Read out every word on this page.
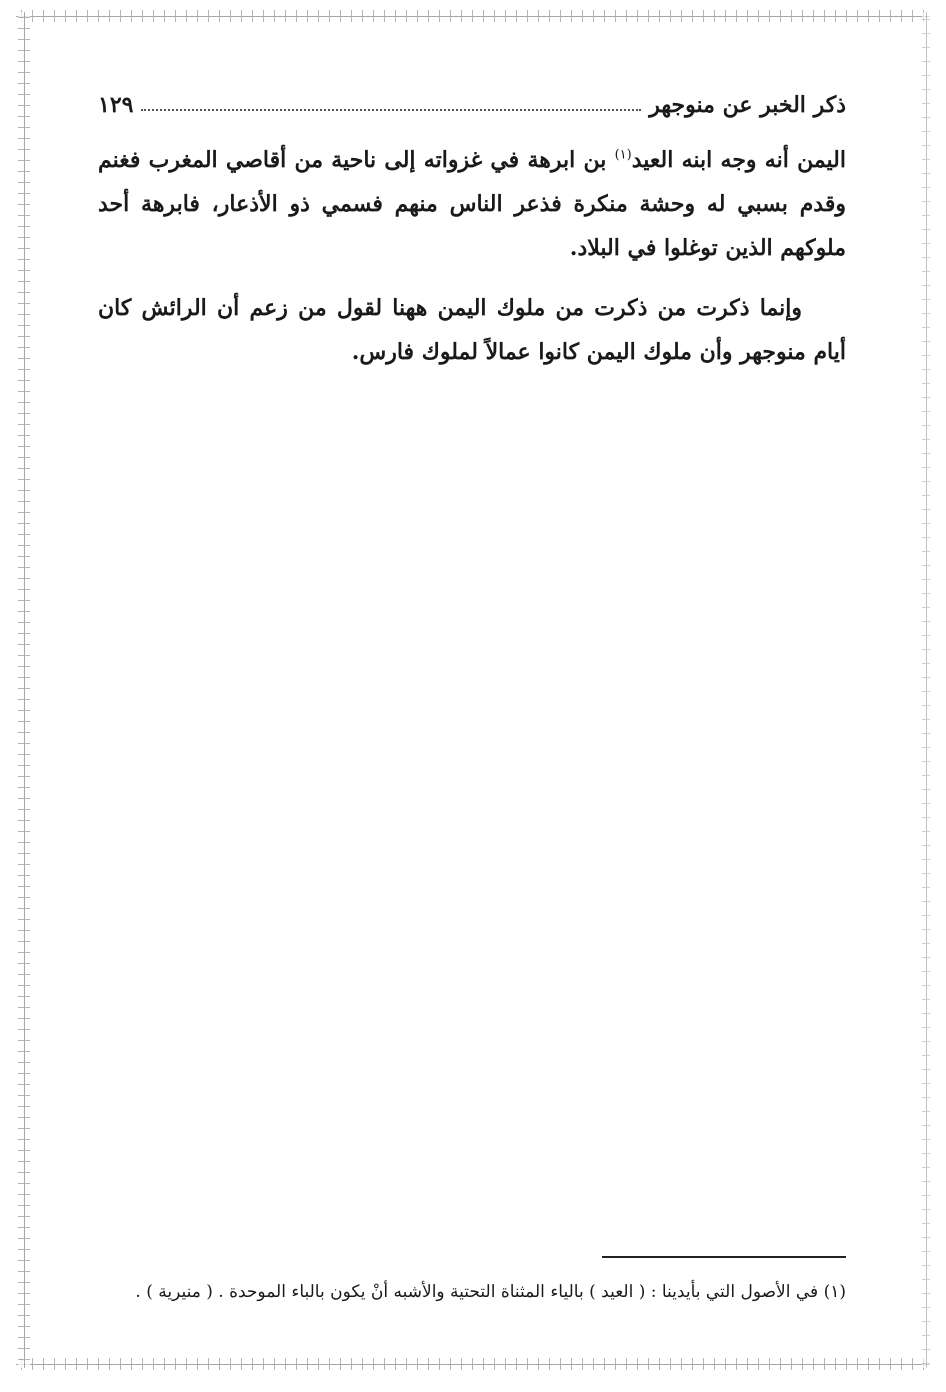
ذكر الخبر عن منوجهر
١٢٩

اليمن أنه وجه ابنه العيد$^{(١)}$ بن ابرهة في غزواته إلى ناحية من أقاصي المغرب فغنم وقدم بسبي له وحشة منكرة فذعر الناس منهم فسمي ذو الأذعار، فابرهة أحد ملوكهم الذين توغلوا في البلاد.

وإنما ذكرت من ذكرت من ملوك اليمن ههنا لقول من زعم أن الرائش كان أيام منوجهر وأن ملوك اليمن كانوا عمالاً لملوك فارس.

(١) في الأصول التي بأيدينا : ( العيد ) بالياء المثناة التحتية والأشبه أنْ يكون بالباء الموحدة . ( منيرية ) .
